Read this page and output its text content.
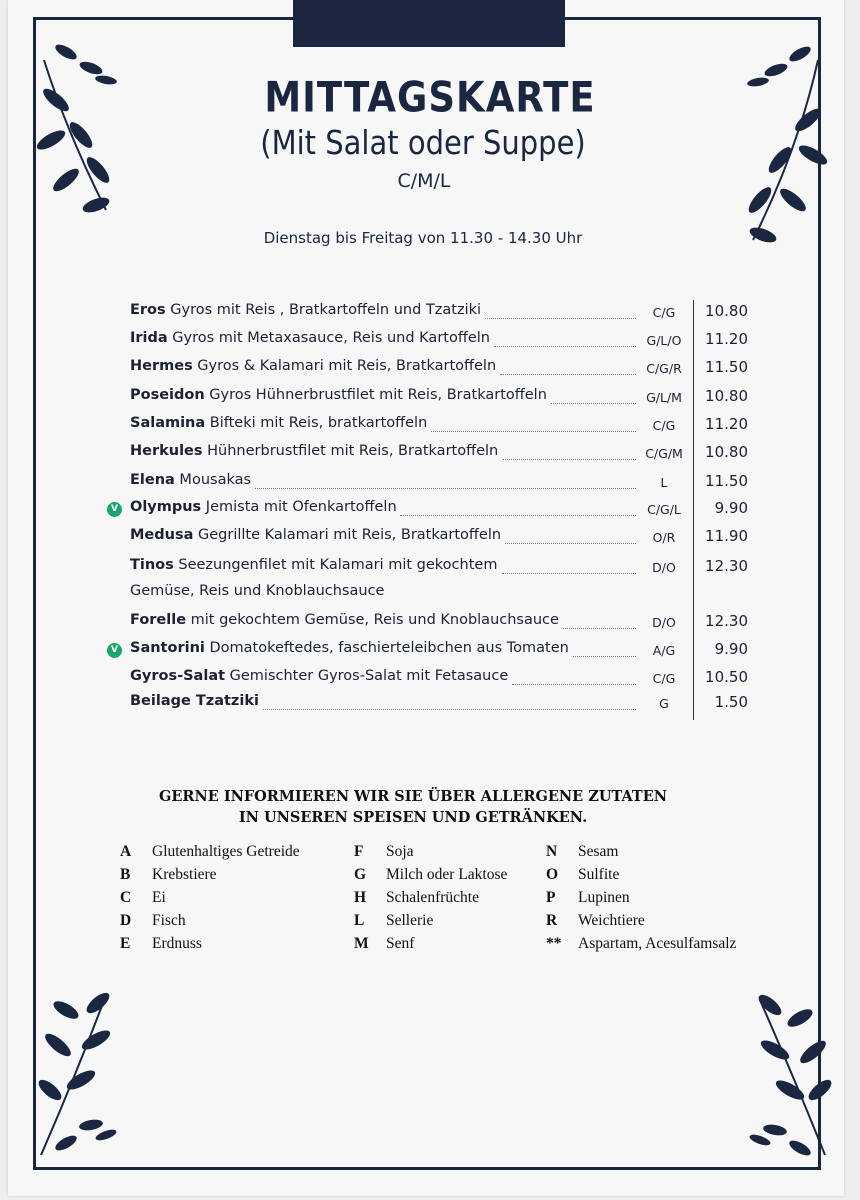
MITTAGSKARTE
(Mit Salat oder Suppe)
C/M/L
Dienstag bis Freitag von 11.30 - 14.30 Uhr
Eros Gyros mit Reis , Bratkartoffeln und Tzatziki	C/G	10.80
Irida Gyros mit Metaxasauce, Reis und Kartoffeln	G/L/O	11.20
Hermes Gyros & Kalamari mit Reis, Bratkartoffeln	C/G/R	11.50
Poseidon Gyros Hühnerbrustfilet mit Reis, Bratkartoffeln	G/L/M	10.80
Salamina Bifteki mit Reis, bratkartoffeln	C/G	11.20
Herkules Hühnerbrustfilet mit Reis, Bratkartoffeln	C/G/M	10.80
Elena Mousakas	L	11.50
Olympus Jemista mit Ofenkartoffeln	C/G/L	9.90
Medusa Gegrillte Kalamari mit Reis, Bratkartoffeln	O/R	11.90
Tinos Seezungenfilet mit Kalamari mit gekochtem	D/O	12.30
Forelle mit gekochtem Gemüse, Reis und Knoblauchsauce	D/O	12.30
Santorini Domatokeftedes, faschierteleibchen aus Tomaten	A/G	9.90
Gyros-Salat Gemischter Gyros-Salat mit Fetasauce	C/G	10.50
Beilage Tzatziki	G	1.50
GERNE INFORMIEREN WIR SIE ÜBER ALLERGENE ZUTATEN
IN UNSEREN SPEISEN UND GETRÄNKEN.
A Glutenhaltiges Getreide
B Krebstiere
C Ei
D Fisch
E Erdnuss
F Soja
G Milch oder Laktose
H Schalenfrüchte
L Sellerie
M Senf
N Sesam
O Sulfite
P Lupinen
R Weichtiere
** Aspartam, Acesulfamsalz
V
Gemüse, Reis und Knoblauchsauce
V
